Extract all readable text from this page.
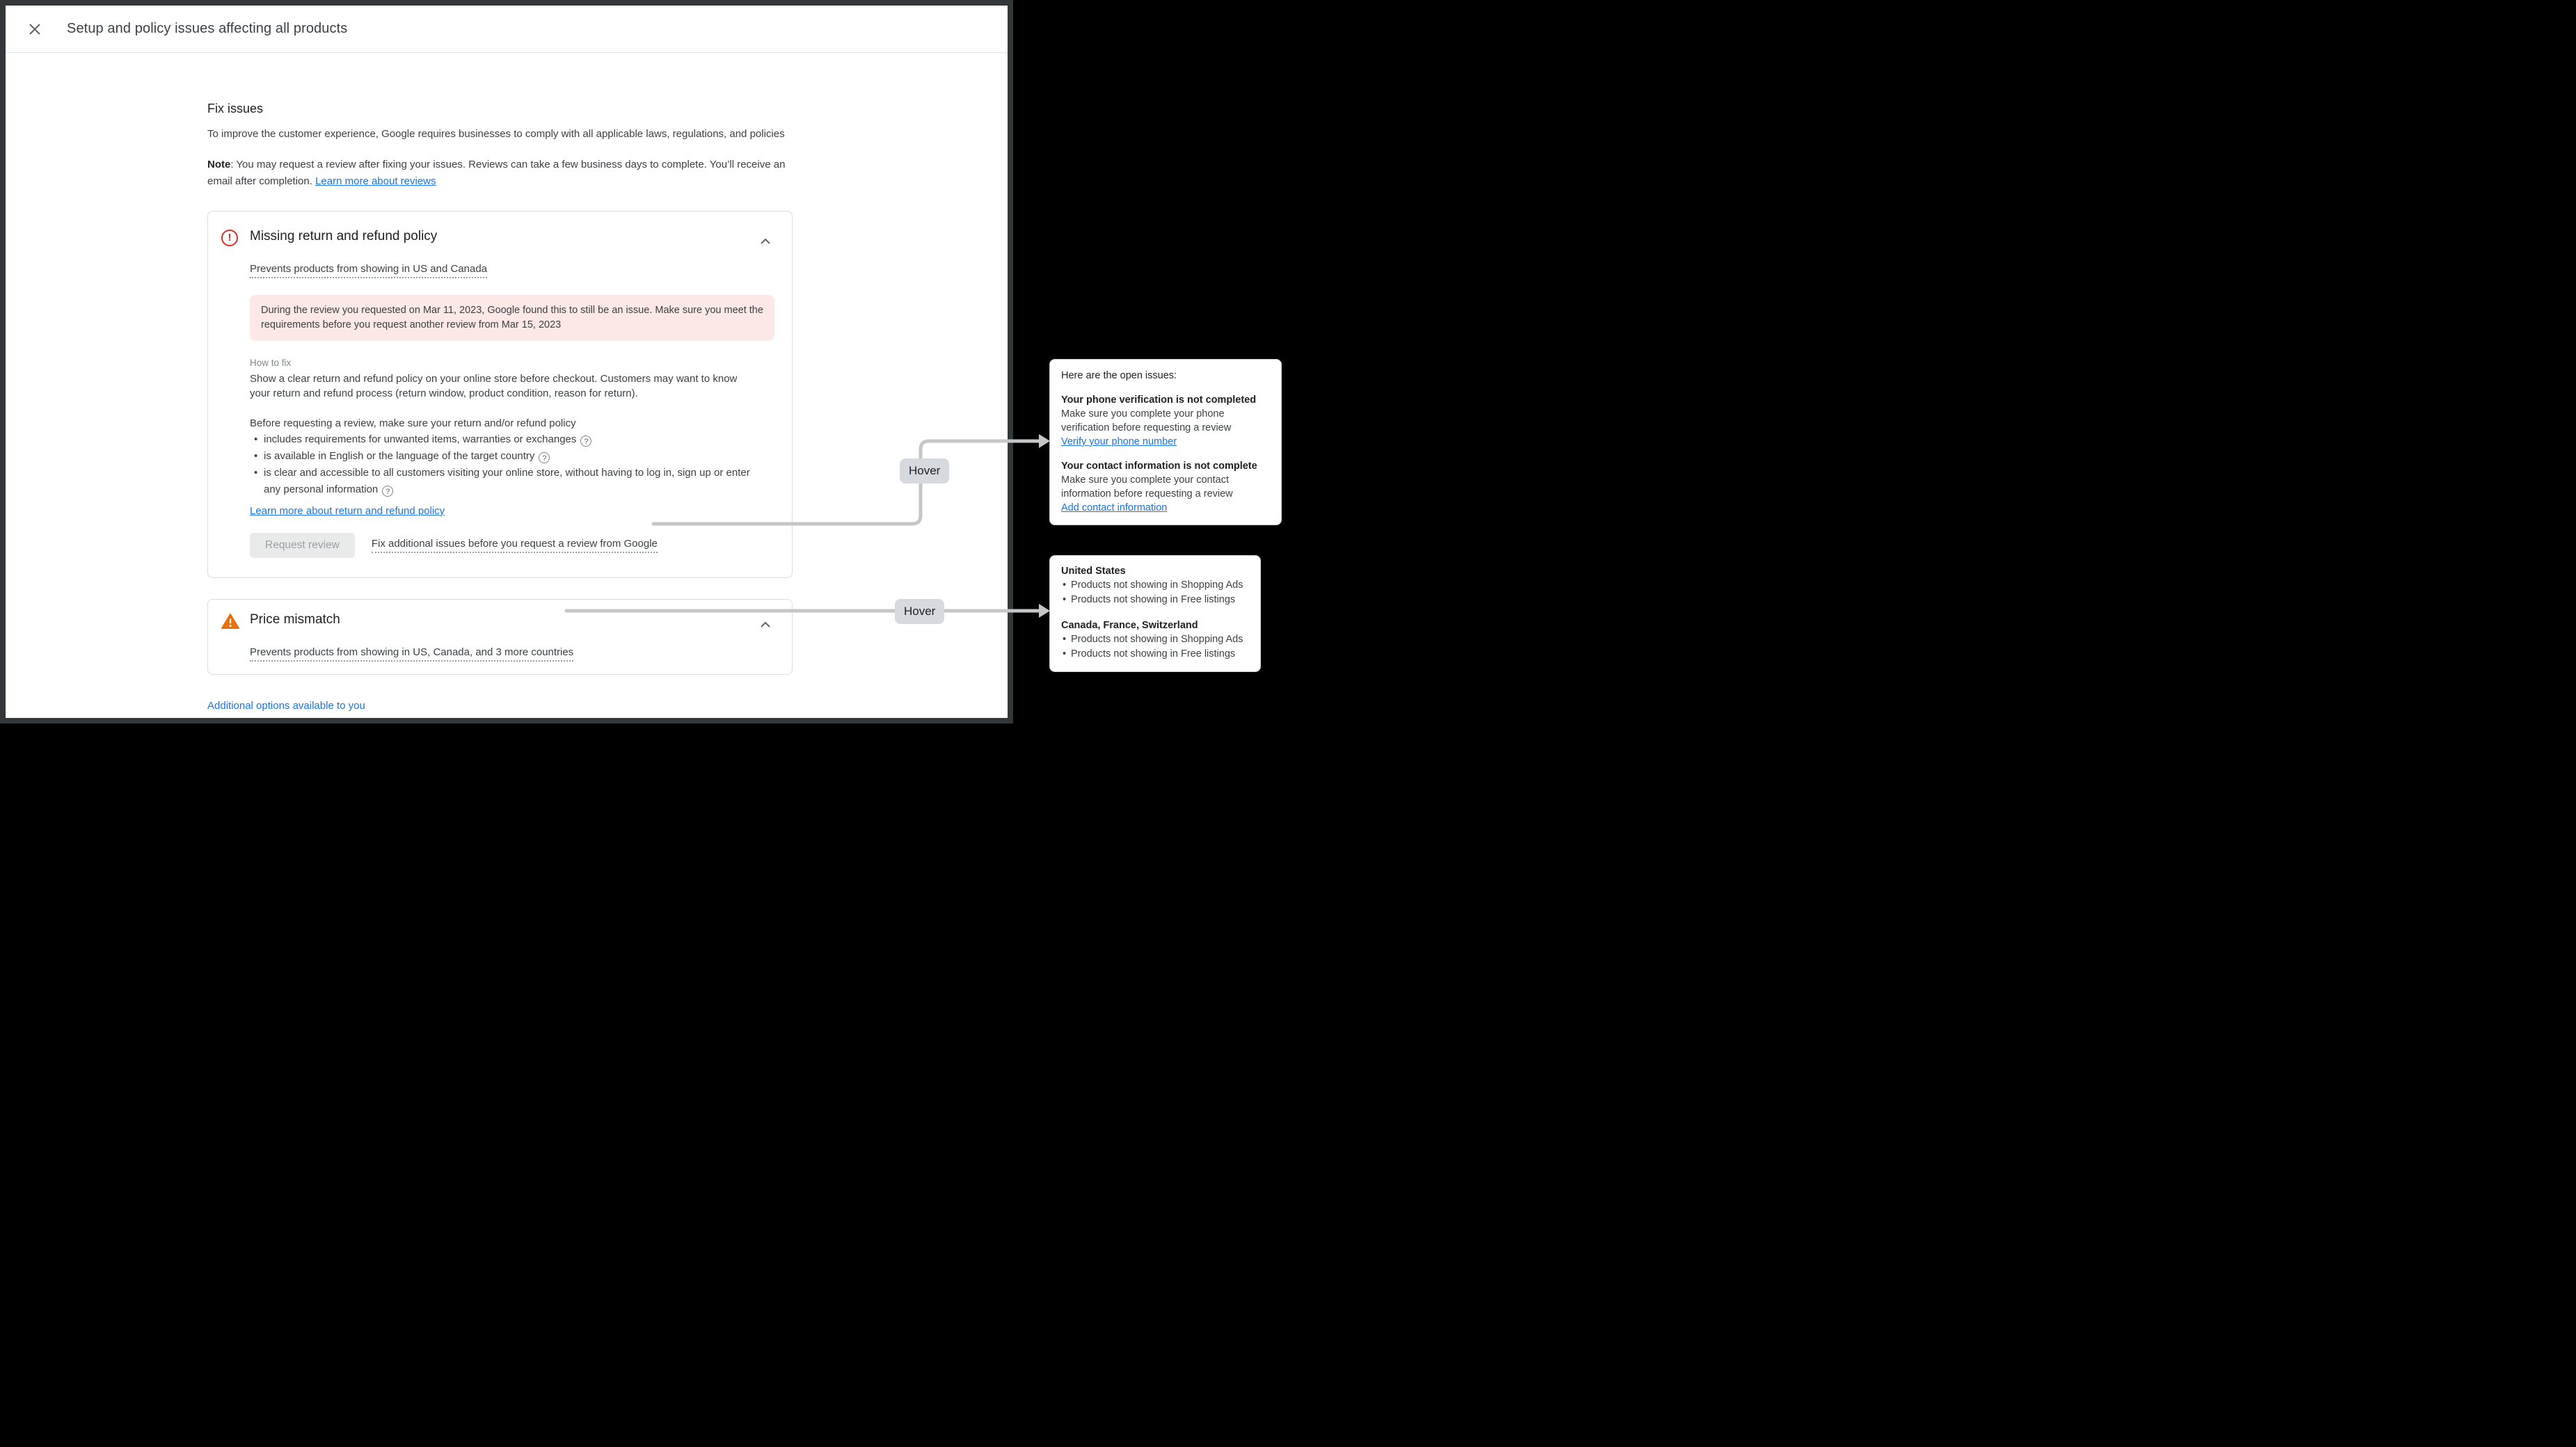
Setup and policy issues affecting all products
Fix issues

To improve the customer experience, Google requires businesses to comply with all applicable laws, regulations, and policies

Note: You may request a review after fixing your issues. Reviews can take a few business days to complete. You’ll receive an email after completion. Learn more about reviews

!	Missing return and refund policy

Prevents products from showing in US and Canada
During the review you requested on Mar 11, 2023, Google found this to still be an issue. Make sure you meet the requirements before you request another review from Mar 15, 2023
How to fix

Show a clear return and refund policy on your online store before checkout. Customers may want to know your return and refund process (return window, product condition, reason for return).

Before requesting a review, make sure your return and/or refund policy

• includes requirements for unwanted items, warranties or exchanges ?
• is available in English or the language of the target country ?
• is clear and accessible to all customers visiting your online store, without having to log in, sign up or enter any personal information ?
Learn more about return and refund policy
Request review	Fix additional issues before you request a review from Google
Price mismatch

Prevents products from showing in US, Canada, and 3 more countries
Additional options available to you
Hover
Hover

Here are the open issues:

Your phone verification is not completed

Make sure you complete your phone verification before requesting a review

Verify your phone number

Your contact information is not complete

Make sure you complete your contact information before requesting a review

Add contact information

United States

• Products not showing in Shopping Ads
• Products not showing in Free listings

Canada, France, Switzerland

• Products not showing in Shopping Ads
• Products not showing in Free listings
